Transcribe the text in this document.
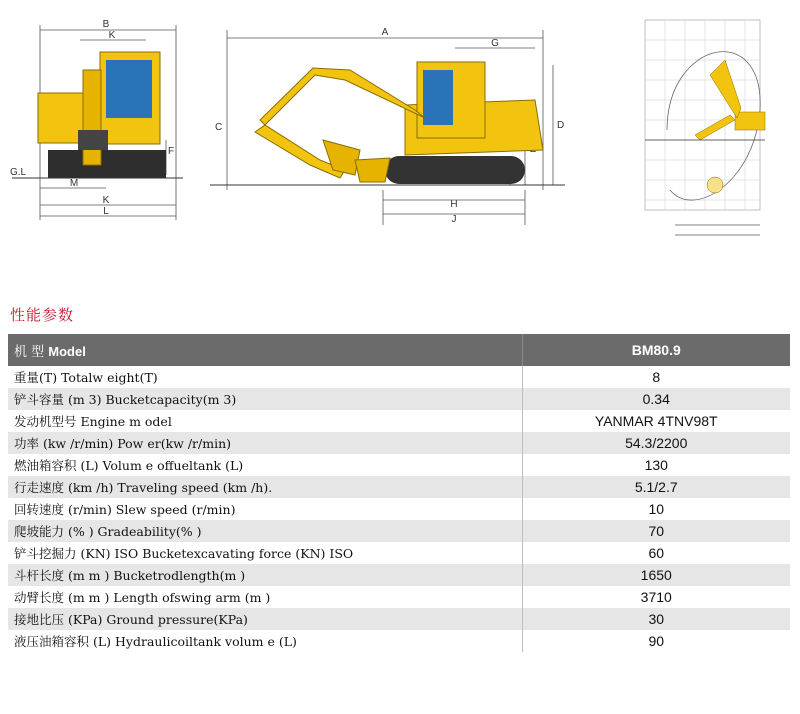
B
K
G.L
F
M
K
L
A
G
C	D
H
J
性能参数
机 型 Model	BM80.9
重量(T) Totalw eight(T)	8
铲斗容量 (m 3) Bucketcapacity(m 3)	0.34
发动机型号 Engine m odel	YANMAR 4TNV98T
功率 (kw /r/min) Pow er(kw /r/min)	54.3/2200
燃油箱容积 (L) Volum e offueltank (L)	130
行走速度 (km /h) Traveling speed (km /h).	5.1/2.7
回转速度 (r/min) Slew speed (r/min)	10
爬坡能力 (% ) Gradeability(% )	70
铲斗挖掘力 (KN) ISO Bucketexcavating force (KN) ISO	60
斗杆长度 (m m ) Bucketrodlength(m )	1650
动臂长度 (m m ) Length ofswing arm (m )	3710
接地比压 (KPa) Ground pressure(KPa)	30
液压油箱容积 (L) Hydraulicoiltank volum e (L)	90
